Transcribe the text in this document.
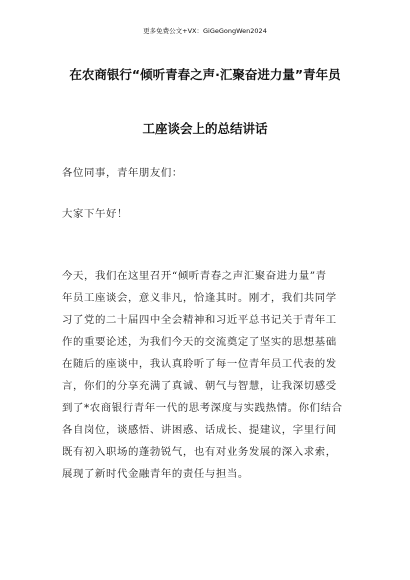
更多免费公文+VX：GiGeGongWen2024
在农商银行“倾听青春之声·汇聚奋进力量”青年员
工座谈会上的总结讲话
各位同事，青年朋友们：
大家下午好！
今天，我们在这里召开“倾听青春之声汇聚奋进力量”青
年员工座谈会，意义非凡，恰逢其时。刚才，我们共同学
习了党的二十届四中全会精神和习近平总书记关于青年工
作的重要论述，为我们今天的交流奠定了坚实的思想基础
在随后的座谈中，我认真聆听了每一位青年员工代表的发
言，你们的分享充满了真诚、朝气与智慧，让我深切感受
到了*农商银行青年一代的思考深度与实践热情。你们结合
各自岗位，谈感悟、讲困惑、话成长、提建议，字里行间
既有初入职场的蓬勃锐气，也有对业务发展的深入求索，
展现了新时代金融青年的责任与担当。
